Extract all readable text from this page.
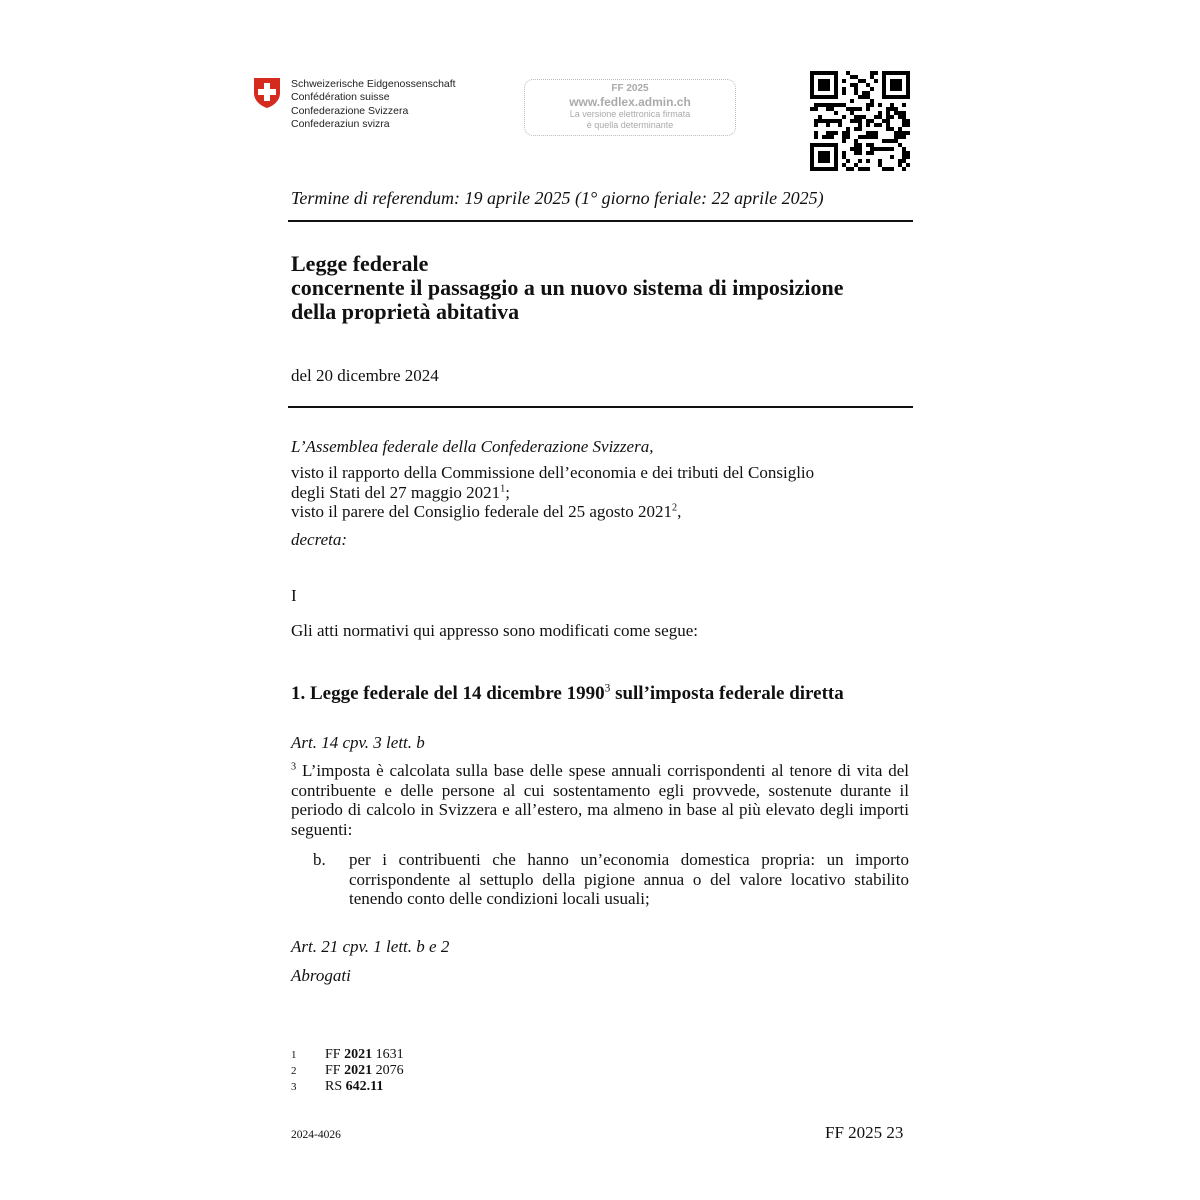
Schweizerische Eidgenossenschaft
Confédération suisse
Confederazione Svizzera
Confederaziun svizra
FF 2025
www.fedlex.admin.ch
La versione elettronica firmata
è quella determinante
Termine di referendum: 19 aprile 2025 (1° giorno feriale: 22 aprile 2025)
Legge federale
concernente il passaggio a un nuovo sistema di imposizione
della proprietà abitativa
del 20 dicembre 2024
L’Assemblea federale della Confederazione Svizzera,
visto il rapporto della Commissione dell’economia e dei tributi del Consiglio
degli Stati del 27 maggio 2021$^1$;
visto il parere del Consiglio federale del 25 agosto 2021$^2$,
decreta:
I
Gli atti normativi qui appresso sono modificati come segue:
1. Legge federale del 14 dicembre 1990$^3$ sull’imposta federale diretta
Art. 14 cpv. 3 lett. b
$^3$ L’imposta è calcolata sulla base delle spese annuali corrispondenti al tenore di vita del contribuente e delle persone al cui sostentamento egli provvede, sostenute durante il periodo di calcolo in Svizzera e all’estero, ma almeno in base al più elevato degli importi seguenti:
b. per i contribuenti che hanno un’economia domestica propria: un importo corrispondente al settuplo della pigione annua o del valore locativo stabilito tenendo conto delle condizioni locali usuali;
Art. 21 cpv. 1 lett. b e 2
Abrogati
1 FF 2021 1631
2 FF 2021 2076
3 RS 642.11
2024-4026	FF 2025 23
